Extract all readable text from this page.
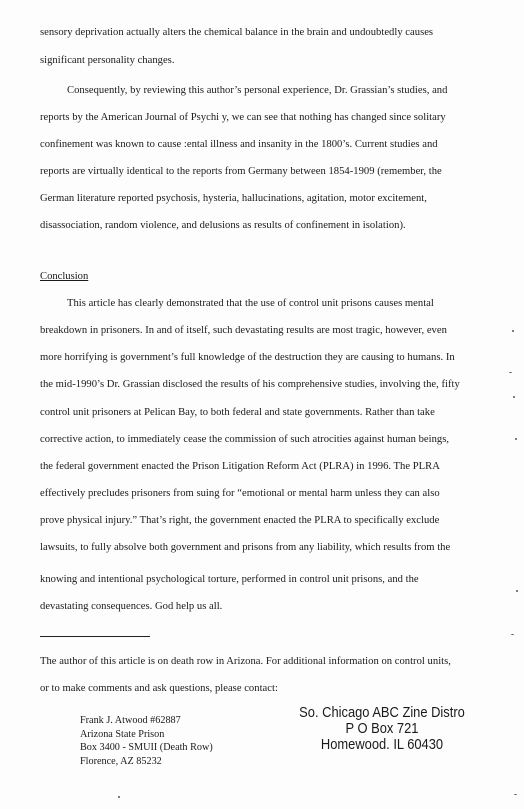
sensory deprivation actually alters the chemical balance in the brain and undoubtedly causes
significant personality changes.
Consequently, by reviewing this author’s personal experience, Dr. Grassian’s studies, and
reports by the American Journal of Psychi y, we can see that nothing has changed since solitary
confinement was known to cause :ental illness and insanity in the 1800’s. Current studies and
reports are virtually identical to the reports from Germany between 1854-1909 (remember, the
German literature reported psychosis, hysteria, hallucinations, agitation, motor excitement,
disassociation, random violence, and delusions as results of confinement in isolation).
Conclusion
This article has clearly demonstrated that the use of control unit prisons causes mental
breakdown in prisoners. In and of itself, such devastating results are most tragic, however, even
more horrifying is government’s full knowledge of the destruction they are causing to humans. In
the mid-1990’s Dr. Grassian disclosed the results of his comprehensive studies, involving the, fifty
control unit prisoners at Pelican Bay, to both federal and state governments. Rather than take
corrective action, to immediately cease the commission of such atrocities against human beings,
the federal government enacted the Prison Litigation Reform Act (PLRA) in 1996. The PLRA
effectively precludes prisoners from suing for “emotional or mental harm unless they can also
prove physical injury.” That’s right, the government enacted the PLRA to specifically exclude
lawsuits, to fully absolve both government and prisons from any liability, which results from the
knowing and intentional psychological torture, performed in control unit prisons, and the
devastating consequences. God help us all.
The author of this article is on death row in Arizona. For additional information on control units,
or to make comments and ask questions, please contact:
Frank J. Atwood #62887
Arizona State Prison
Box 3400 - SMUII (Death Row)
Florence, AZ 85232
So. Chicago ABC Zine Distro
P O Box 721
Homewood. IL 60430
